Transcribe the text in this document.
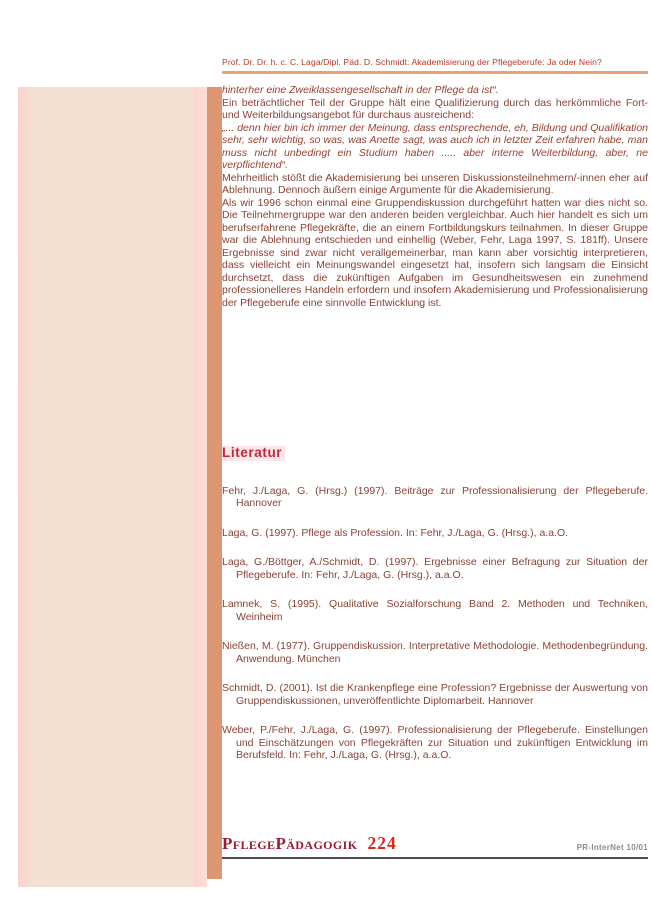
Prof. Dr. Dr. h. c. C. Laga/Dipl. Päd. D. Schmidt: Akademisierung der Pflegeberufe: Ja oder Nein?

hinterher eine Zweiklassengesellschaft in der Pflege da ist“.

Ein beträchtlicher Teil der Gruppe hält eine Qualifizierung durch das herkömmliche Fort- und Weiterbildungsangebot für durchaus ausreichend:

„... denn hier bin ich immer der Meinung, dass entsprechende, eh, Bildung und Qualifikation sehr, sehr wichtig, so was, was Anette sagt, was auch ich in letzter Zeit erfahren habe, man muss nicht unbedingt ein Studium haben ..... aber interne Weiterbildung, aber, ne verpflichtend“.

Mehrheitlich stößt die Akademisierung bei unseren Diskussionsteilnehmern/-innen eher auf Ablehnung. Dennoch äußern einige Argumente für die Akademisierung.

Als wir 1996 schon einmal eine Gruppendiskussion durchgeführt hatten war dies nicht so. Die Teilnehmergruppe war den anderen beiden vergleichbar. Auch hier handelt es sich um berufserfahrene Pflegekräfte, die an einem Fortbildungskurs teilnahmen. In dieser Gruppe war die Ablehnung entschieden und einhellig (Weber, Fehr, Laga 1997, S. 181ff). Unsere Ergebnisse sind zwar nicht verallgemeinerbar, man kann aber vorsichtig interpretieren, dass vielleicht ein Meinungswandel eingesetzt hat, insofern sich langsam die Einsicht durchsetzt, dass die zukünftigen Aufgaben im Gesundheitswesen ein zunehmend professionelleres Handeln erfordern und insofern Akademisierung und Professionalisierung der Pflegeberufe eine sinnvolle Entwicklung ist.

Literatur

Fehr, J./Laga, G. (Hrsg.) (1997). Beiträge zur Professionalisierung der Pflegeberufe. Hannover

Laga, G. (1997). Pflege als Profession. In: Fehr, J./Laga, G. (Hrsg.), a.a.O.

Laga, G./Böttger, A./Schmidt, D. (1997). Ergebnisse einer Befragung zur Situation der Pflegeberufe. In: Fehr, J./Laga, G. (Hrsg.), a.a.O.

Lamnek, S. (1995). Qualitative Sozialforschung Band 2. Methoden und Techniken, Weinheim

Nießen, M. (1977). Gruppendiskussion. Interpretative Methodologie. Methodenbegründung. Anwendung. München

Schmidt, D. (2001). Ist die Krankenpflege eine Profession? Ergebnisse der Auswertung von Gruppendiskussionen, unveröffentlichte Diplomarbeit. Hannover

Weber, P./Fehr, J./Laga, G. (1997). Professionalisierung der Pflegeberufe. Einstellungen und Einschätzungen von Pflegekräften zur Situation und zukünftigen Entwicklung im Berufsfeld. In: Fehr, J./Laga, G. (Hrsg.), a.a.O.

PflegePädagogik 224	PR-InterNet 10/01
